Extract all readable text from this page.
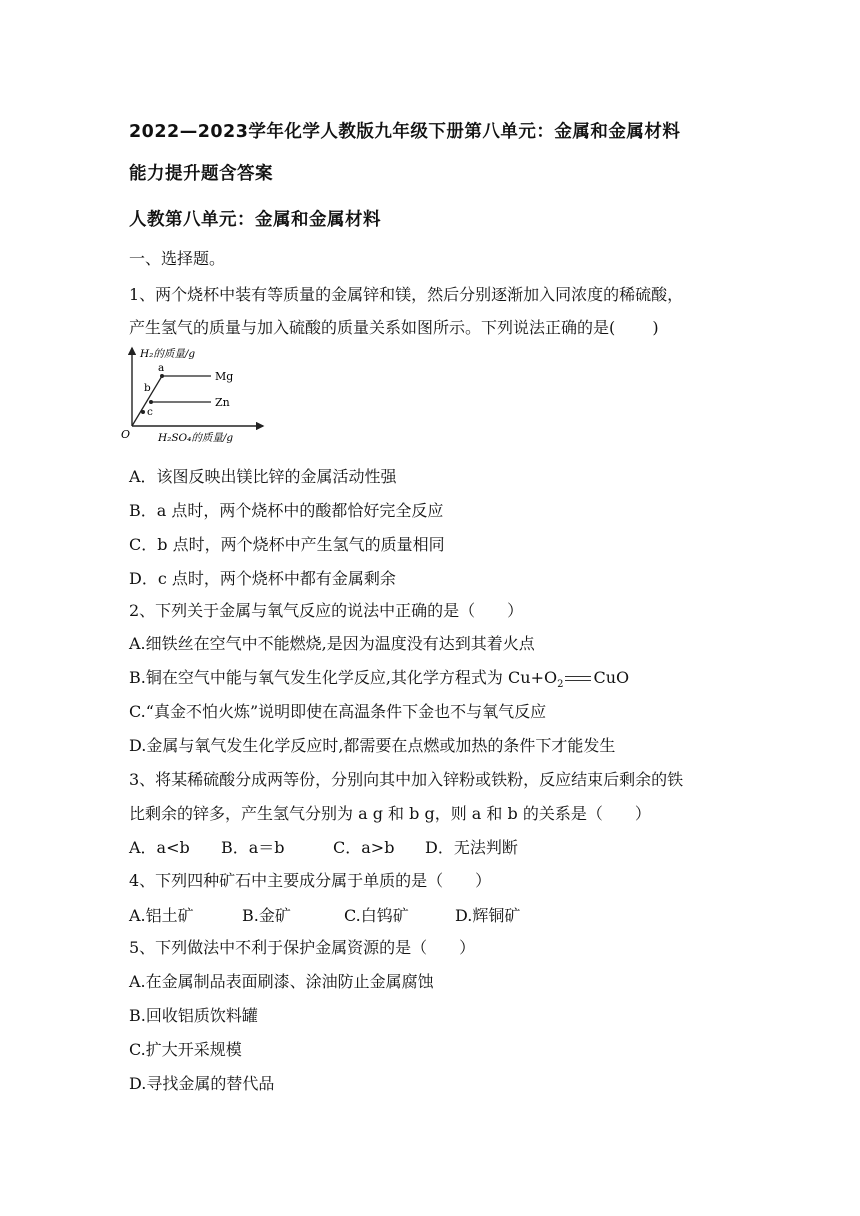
2022—2023学年化学人教版九年级下册第八单元：金属和金属材料
能力提升题含答案
人教第八单元：金属和金属材料
一、选择题。
1、两个烧杯中装有等质量的金属锌和镁，然后分别逐渐加入同浓度的稀硫酸，
产生氢气的质量与加入硫酸的质量关系如图所示。下列说法正确的是(　　 )
H₂的质量/g
H₂SO₄的质量/g
O
Mg
Zn
a
b
c
A．该图反映出镁比锌的金属活动性强
B．a 点时，两个烧杯中的酸都恰好完全反应
C．b 点时，两个烧杯中产生氢气的质量相同
D．c 点时，两个烧杯中都有金属剩余
2、下列关于金属与氧气反应的说法中正确的是（　　）
A.细铁丝在空气中不能燃烧,是因为温度没有达到其着火点
B.铜在空气中能与氧气发生化学反应,其化学方程式为 $Cu+O_2$ CuO
C.“真金不怕火炼”说明即使在高温条件下金也不与氧气反应
D.金属与氧气发生化学反应时,都需要在点燃或加热的条件下才能发生
3、将某稀硫酸分成两等份，分别向其中加入锌粉或铁粉，反应结束后剩余的铁
比剩余的锌多，产生氢气分别为 a g 和 b g，则 a 和 b 的关系是（　　）
A．a<b B．a＝b	C．a>b D．无法判断
4、下列四种矿石中主要成分属于单质的是（　　）
A.铝土矿	B.金矿	C.白钨矿	D.辉铜矿
5、下列做法中不利于保护金属资源的是（　　）
A.在金属制品表面刷漆、涂油防止金属腐蚀
B.回收铝质饮料罐
C.扩大开采规模
D.寻找金属的替代品
